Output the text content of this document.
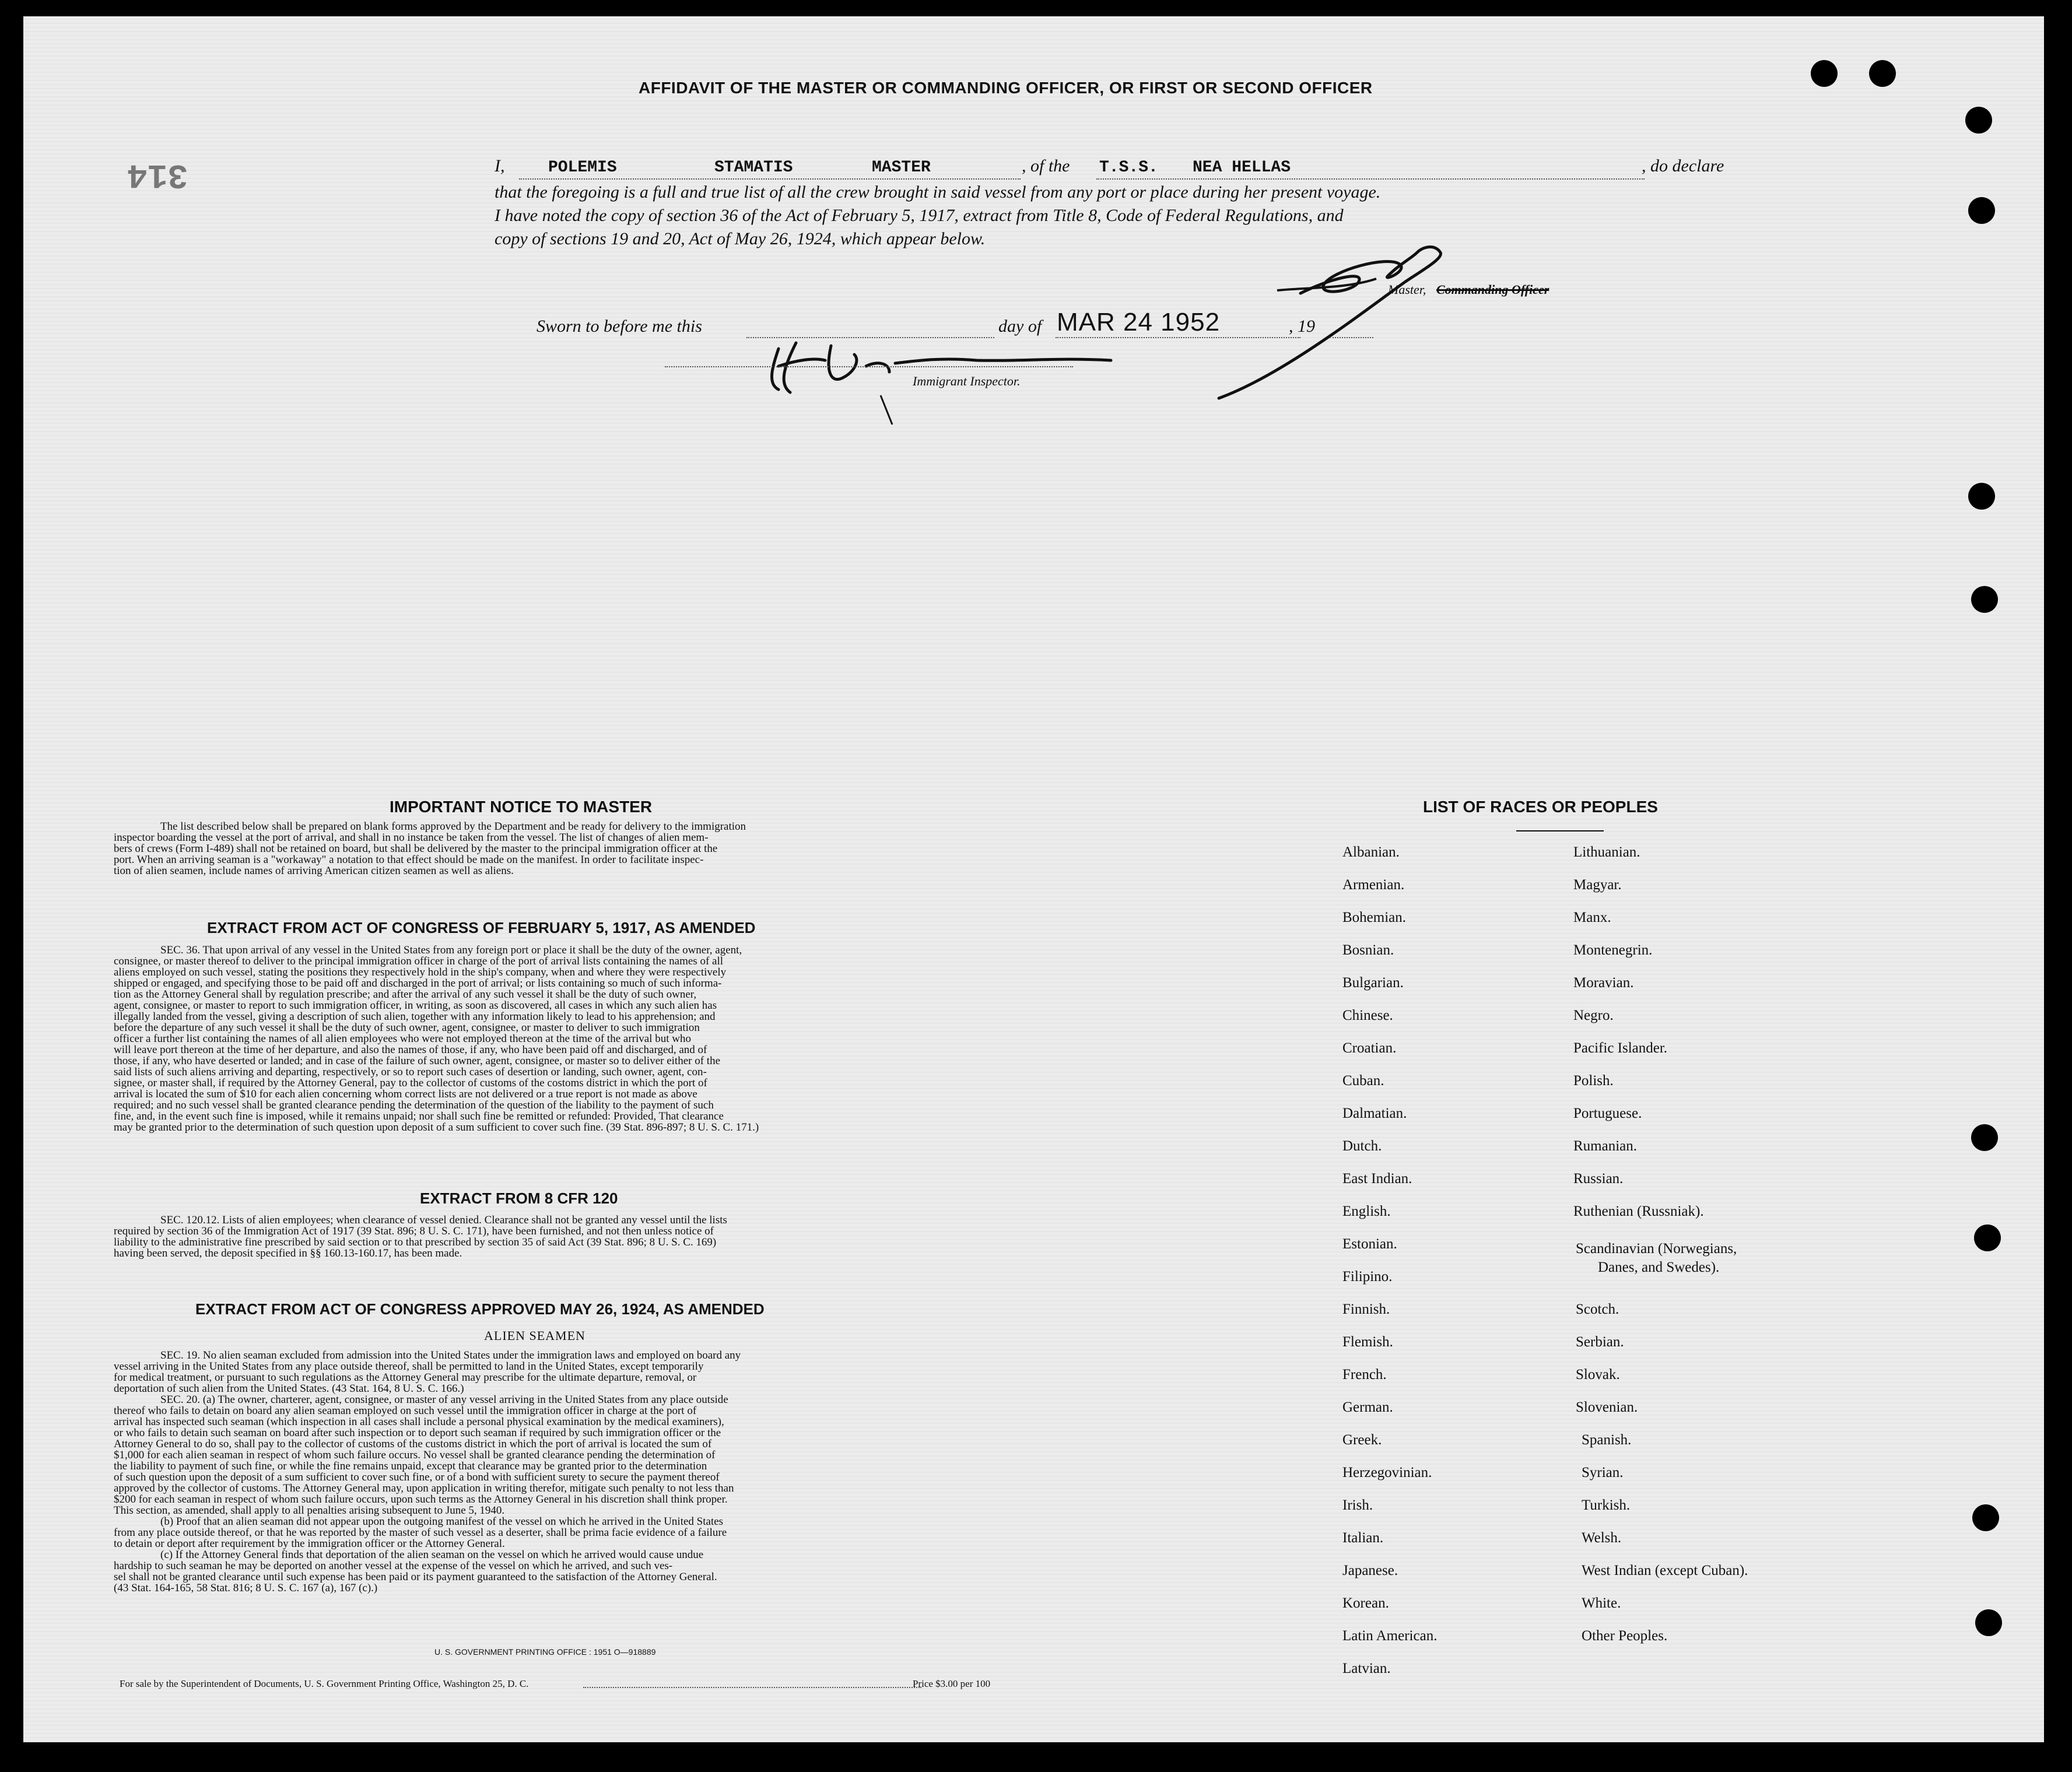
314
AFFIDAVIT OF THE MASTER OR COMMANDING OFFICER, OR FIRST OR SECOND OFFICER
I,	POLEMIS	STAMATIS	MASTER	, of the T.S.S. NEA HELLAS	, do declare
that the foregoing is a full and true list of all the crew brought in said vessel from any port or place during her present voyage.
I have noted the copy of section 36 of the Act of February 5, 1917, extract from Title 8, Code of Federal Regulations, and
copy of sections 19 and 20, Act of May 26, 1924, which appear below.
Master, Commanding Officer
Sworn to before me this	day of MAR 24 1952	, 19
Immigrant Inspector.
IMPORTANT NOTICE TO MASTER
The list described below shall be prepared on blank forms approved by the Department and be ready for delivery to the immigration
inspector boarding the vessel at the port of arrival, and shall in no instance be taken from the vessel. The list of changes of alien mem-
bers of crews (Form I-489) shall not be retained on board, but shall be delivered by the master to the principal immigration officer at the
port. When an arriving seaman is a "workaway" a notation to that effect should be made on the manifest. In order to facilitate inspec-
tion of alien seamen, include names of arriving American citizen seamen as well as aliens.
EXTRACT FROM ACT OF CONGRESS OF FEBRUARY 5, 1917, AS AMENDED
SEC. 36. That upon arrival of any vessel in the United States from any foreign port or place it shall be the duty of the owner, agent,
consignee, or master thereof to deliver to the principal immigration officer in charge of the port of arrival lists containing the names of all
aliens employed on such vessel, stating the positions they respectively hold in the ship's company, when and where they were respectively
shipped or engaged, and specifying those to be paid off and discharged in the port of arrival; or lists containing so much of such informa-
tion as the Attorney General shall by regulation prescribe; and after the arrival of any such vessel it shall be the duty of such owner,
agent, consignee, or master to report to such immigration officer, in writing, as soon as discovered, all cases in which any such alien has
illegally landed from the vessel, giving a description of such alien, together with any information likely to lead to his apprehension; and
before the departure of any such vessel it shall be the duty of such owner, agent, consignee, or master to deliver to such immigration
officer a further list containing the names of all alien employees who were not employed thereon at the time of the arrival but who
will leave port thereon at the time of her departure, and also the names of those, if any, who have been paid off and discharged, and of
those, if any, who have deserted or landed; and in case of the failure of such owner, agent, consignee, or master so to deliver either of the
said lists of such aliens arriving and departing, respectively, or so to report such cases of desertion or landing, such owner, agent, con-
signee, or master shall, if required by the Attorney General, pay to the collector of customs of the costoms district in which the port of
arrival is located the sum of $10 for each alien concerning whom correct lists are not delivered or a true report is not made as above
required; and no such vessel shall be granted clearance pending the determination of the question of the liability to the payment of such
fine, and, in the event such fine is imposed, while it remains unpaid; nor shall such fine be remitted or refunded: Provided, That clearance
may be granted prior to the determination of such question upon deposit of a sum sufficient to cover such fine. (39 Stat. 896-897; 8 U. S. C. 171.)
EXTRACT FROM 8 CFR 120
SEC. 120.12. Lists of alien employees; when clearance of vessel denied. Clearance shall not be granted any vessel until the lists
required by section 36 of the Immigration Act of 1917 (39 Stat. 896; 8 U. S. C. 171), have been furnished, and not then unless notice of
liability to the administrative fine prescribed by said section or to that prescribed by section 35 of said Act (39 Stat. 896; 8 U. S. C. 169)
having been served, the deposit specified in §§ 160.13-160.17, has been made.
EXTRACT FROM ACT OF CONGRESS APPROVED MAY 26, 1924, AS AMENDED
ALIEN SEAMEN
SEC. 19. No alien seaman excluded from admission into the United States under the immigration laws and employed on board any
vessel arriving in the United States from any place outside thereof, shall be permitted to land in the United States, except temporarily
for medical treatment, or pursuant to such regulations as the Attorney General may prescribe for the ultimate departure, removal, or
deportation of such alien from the United States. (43 Stat. 164, 8 U. S. C. 166.)
SEC. 20. (a) The owner, charterer, agent, consignee, or master of any vessel arriving in the United States from any place outside
thereof who fails to detain on board any alien seaman employed on such vessel until the immigration officer in charge at the port of
arrival has inspected such seaman (which inspection in all cases shall include a personal physical examination by the medical examiners),
or who fails to detain such seaman on board after such inspection or to deport such seaman if required by such immigration officer or the
Attorney General to do so, shall pay to the collector of customs of the customs district in which the port of arrival is located the sum of
$1,000 for each alien seaman in respect of whom such failure occurs. No vessel shall be granted clearance pending the determination of
the liability to payment of such fine, or while the fine remains unpaid, except that clearance may be granted prior to the determination
of such question upon the deposit of a sum sufficient to cover such fine, or of a bond with sufficient surety to secure the payment thereof
approved by the collector of customs. The Attorney General may, upon application in writing therefor, mitigate such penalty to not less than
$200 for each seaman in respect of whom such failure occurs, upon such terms as the Attorney General in his discretion shall think proper.
This section, as amended, shall apply to all penalties arising subsequent to June 5, 1940.
(b) Proof that an alien seaman did not appear upon the outgoing manifest of the vessel on which he arrived in the United States
from any place outside thereof, or that he was reported by the master of such vessel as a deserter, shall be prima facie evidence of a failure
to detain or deport after requirement by the immigration officer or the Attorney General.
(c) If the Attorney General finds that deportation of the alien seaman on the vessel on which he arrived would cause undue
hardship to such seaman he may be deported on another vessel at the expense of the vessel on which he arrived, and such ves-
sel shall not be granted clearance until such expense has been paid or its payment guaranteed to the satisfaction of the Attorney General.
(43 Stat. 164-165, 58 Stat. 816; 8 U. S. C. 167 (a), 167 (c).)
U. S. GOVERNMENT PRINTING OFFICE : 1951 O—918889
For sale by the Superintendent of Documents, U. S. Government Printing Office, Washington 25, D. C.	Price $3.00 per 100
LIST OF RACES OR PEOPLES
Albanian.
Armenian.
Bohemian.
Bosnian.
Bulgarian.
Chinese.
Croatian.
Cuban.
Dalmatian.
Dutch.
East Indian.
English.
Estonian.
Filipino.
Finnish.
Flemish.
French.
German.
Greek.
Herzegovinian.
Irish.
Italian.
Japanese.
Korean.
Latin American.
Latvian.
Lithuanian.
Magyar.
Manx.
Montenegrin.
Moravian.
Negro.
Pacific Islander.
Polish.
Portuguese.
Rumanian.
Russian.
Ruthenian (Russniak).
Scandinavian (Norwegians,
Danes, and Swedes).
Scotch.
Serbian.
Slovak.
Slovenian.
Spanish.
Syrian.
Turkish.
Welsh.
West Indian (except Cuban).
White.
Other Peoples.
